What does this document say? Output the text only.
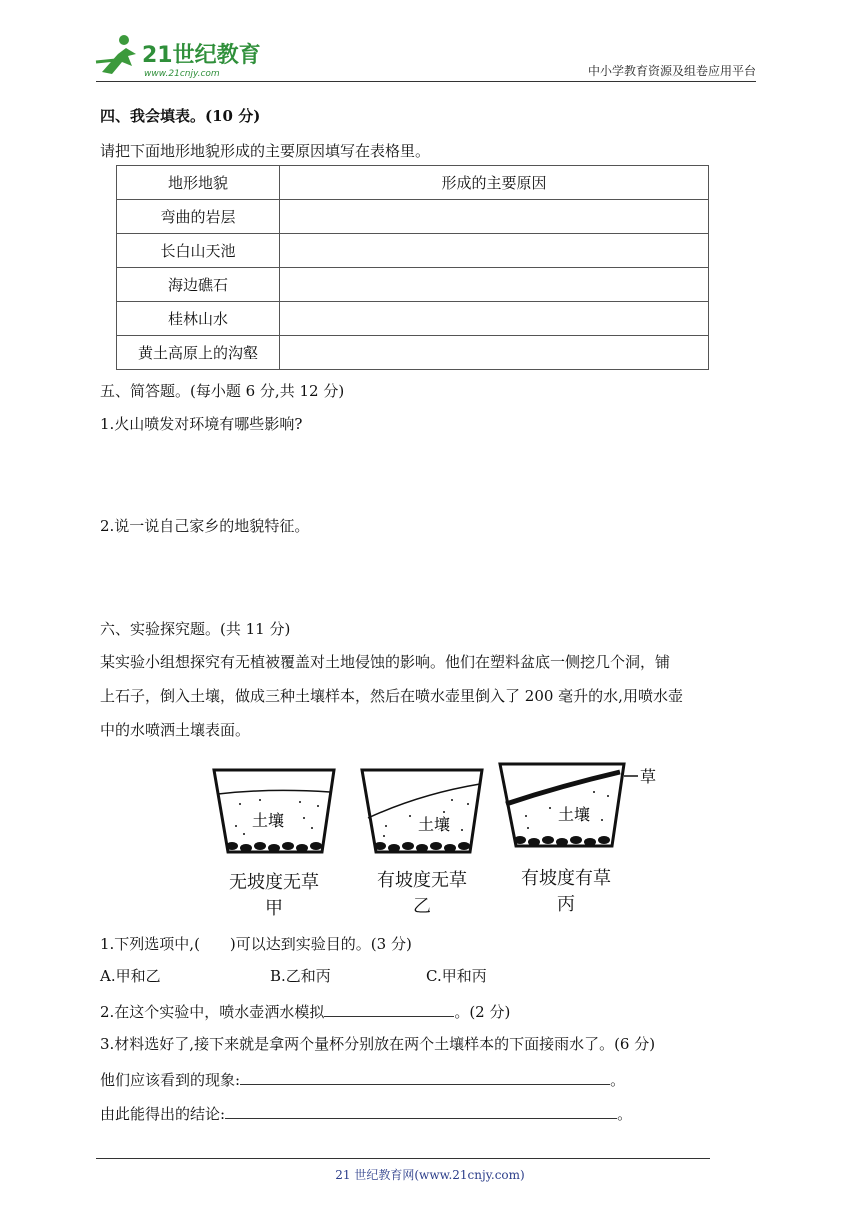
21世纪教育
www.21cnjy.com	中小学教育资源及组卷应用平台
四、我会填表。(10 分)
请把下面地形地貌形成的主要原因填写在表格里。
地形地貌	形成的主要原因
弯曲的岩层	
长白山天池	
海边礁石	
桂林山水	
黄土高原上的沟壑	
五、简答题。(每小题 6 分,共 12 分)
1.火山喷发对环境有哪些影响?
2.说一说自己家乡的地貌特征。
六、实验探究题。(共 11 分)
某实验小组想探究有无植被覆盖对土地侵蚀的影响。他们在塑料盆底一侧挖几个洞，铺
上石子，倒入土壤，做成三种土壤样本，然后在喷水壶里倒入了 200 毫升的水,用喷水壶
中的水喷洒土壤表面。
土壤	土壤
土壤
草
无坡度无草
甲
有坡度无草
乙
有坡度有草
丙
1.下列选项中,(　　)可以达到实验目的。(3 分)
A.甲和乙	B.乙和丙	C.甲和丙
2.在这个实验中，喷水壶洒水模拟	。(2 分)
3.材料选好了,接下来就是拿两个量杯分别放在两个土壤样本的下面接雨水了。(6 分)
他们应该看到的现象:	。
由此能得出的结论:	。
21 世纪教育网(www.21cnjy.com)
